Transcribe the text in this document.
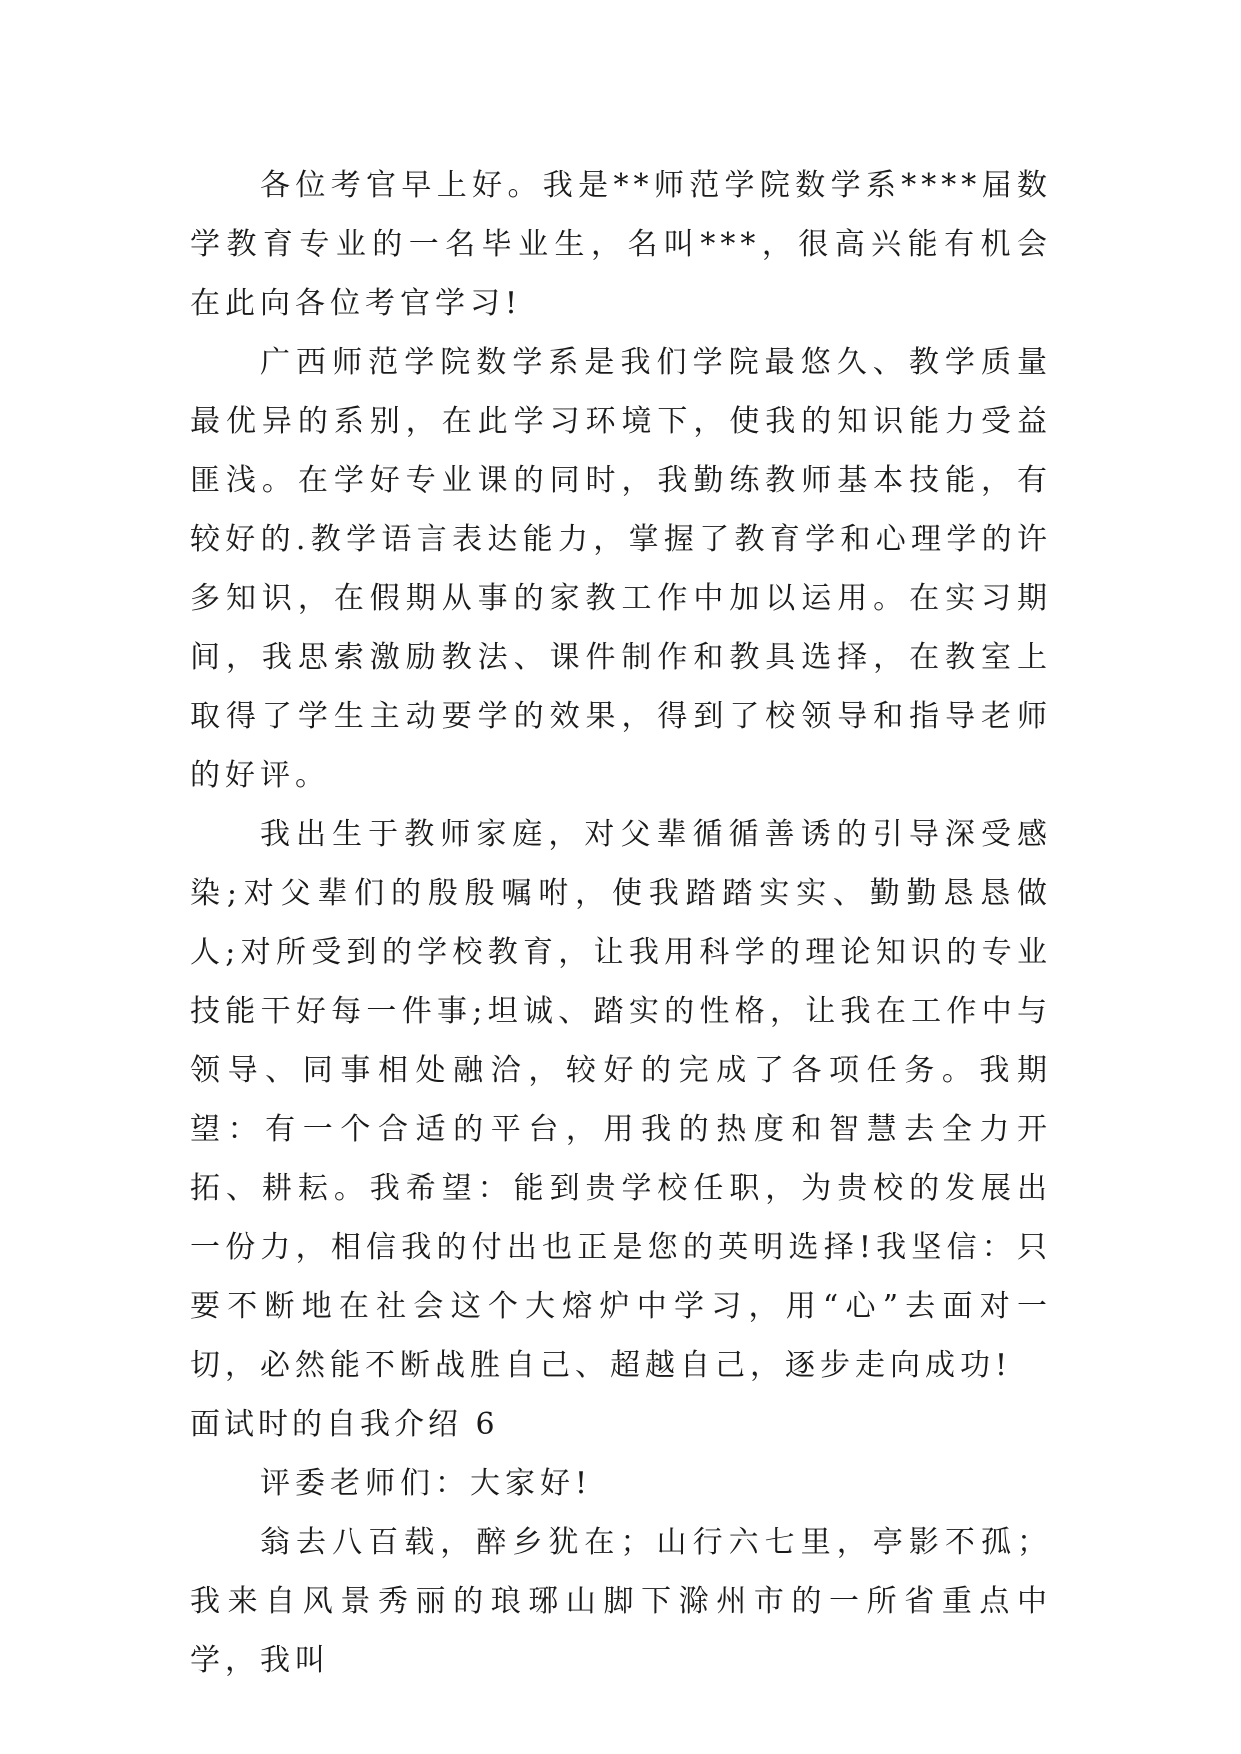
各位考官早上好。我是**师范学院数学系****届数学教育专业的一名毕业生，名叫***，很高兴能有机会在此向各位考官学习!

广西师范学院数学系是我们学院最悠久、教学质量最优异的系别，在此学习环境下，使我的知识能力受益匪浅。在学好专业课的同时，我勤练教师基本技能，有较好的.教学语言表达能力，掌握了教育学和心理学的许多知识，在假期从事的家教工作中加以运用。在实习期间，我思索激励教法、课件制作和教具选择，在教室上取得了学生主动要学的效果，得到了校领导和指导老师的好评。

我出生于教师家庭，对父辈循循善诱的引导深受感染;对父辈们的殷殷嘱咐，使我踏踏实实、勤勤恳恳做人;对所受到的学校教育，让我用科学的理论知识的专业技能干好每一件事;坦诚、踏实的性格，让我在工作中与领导、同事相处融洽，较好的完成了各项任务。我期望：有一个合适的平台，用我的热度和智慧去全力开拓、耕耘。我希望：能到贵学校任职，为贵校的发展出一份力，相信我的付出也正是您的英明选择!我坚信：只要不断地在社会这个大熔炉中学习，用“心”去面对一切，必然能不断战胜自己、超越自己，逐步走向成功!

面试时的自我介绍 6

评委老师们：大家好!

翁去八百载，醉乡犹在；山行六七里，亭影不孤；我来自风景秀丽的琅琊山脚下滁州市的一所省重点中学，我叫
